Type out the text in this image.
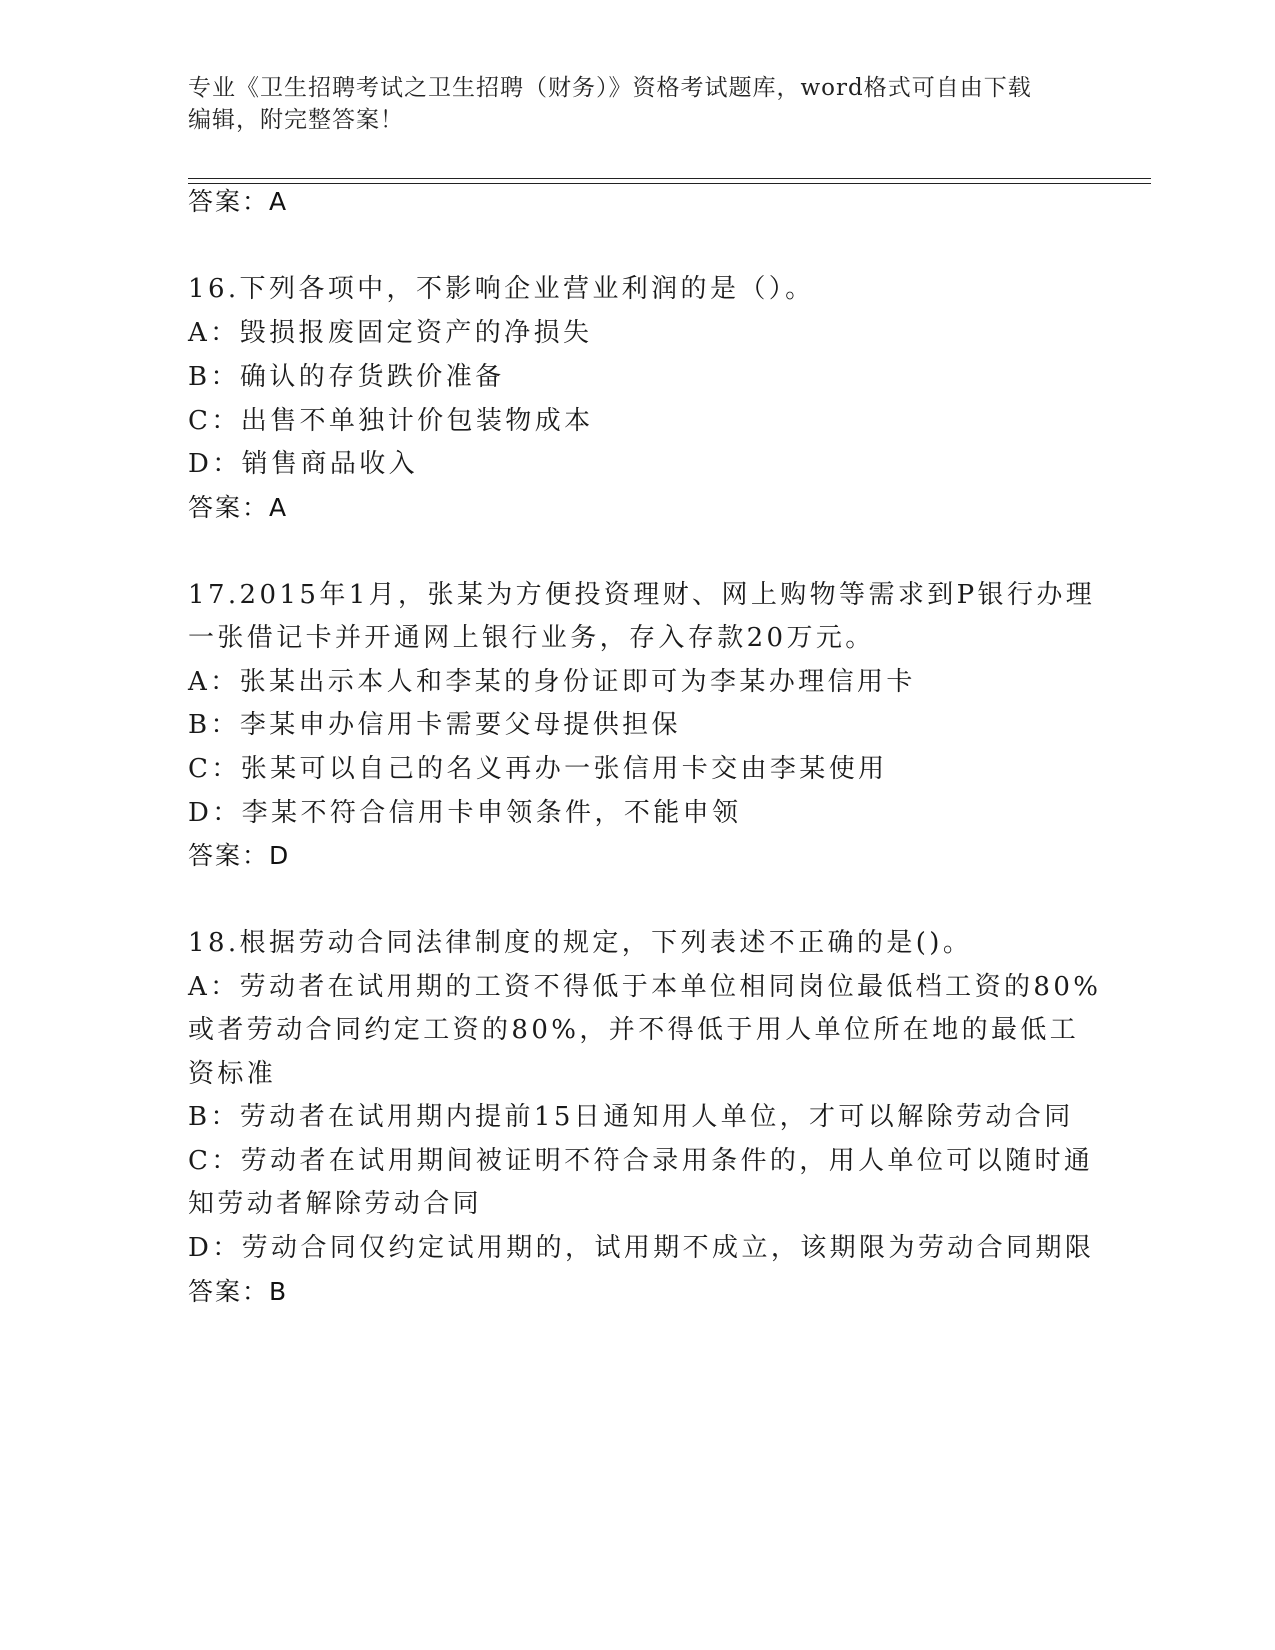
专业《卫生招聘考试之卫生招聘（财务）》资格考试题库，word格式可自由下载
编辑，附完整答案！
答案：A
16.下列各项中，不影响企业营业利润的是（）。
A：毁损报废固定资产的净损失
B：确认的存货跌价准备
C：出售不单独计价包装物成本
D：销售商品收入
答案：A
17.2015年1月，张某为方便投资理财、网上购物等需求到P银行办理
一张借记卡并开通网上银行业务，存入存款20万元。
A：张某出示本人和李某的身份证即可为李某办理信用卡
B：李某申办信用卡需要父母提供担保
C：张某可以自己的名义再办一张信用卡交由李某使用
D：李某不符合信用卡申领条件，不能申领
答案：D
18.根据劳动合同法律制度的规定，下列表述不正确的是()。
A：劳动者在试用期的工资不得低于本单位相同岗位最低档工资的80%
或者劳动合同约定工资的80%，并不得低于用人单位所在地的最低工
资标准
B：劳动者在试用期内提前15日通知用人单位，才可以解除劳动合同
C：劳动者在试用期间被证明不符合录用条件的，用人单位可以随时通
知劳动者解除劳动合同
D：劳动合同仅约定试用期的，试用期不成立，该期限为劳动合同期限
答案：B
